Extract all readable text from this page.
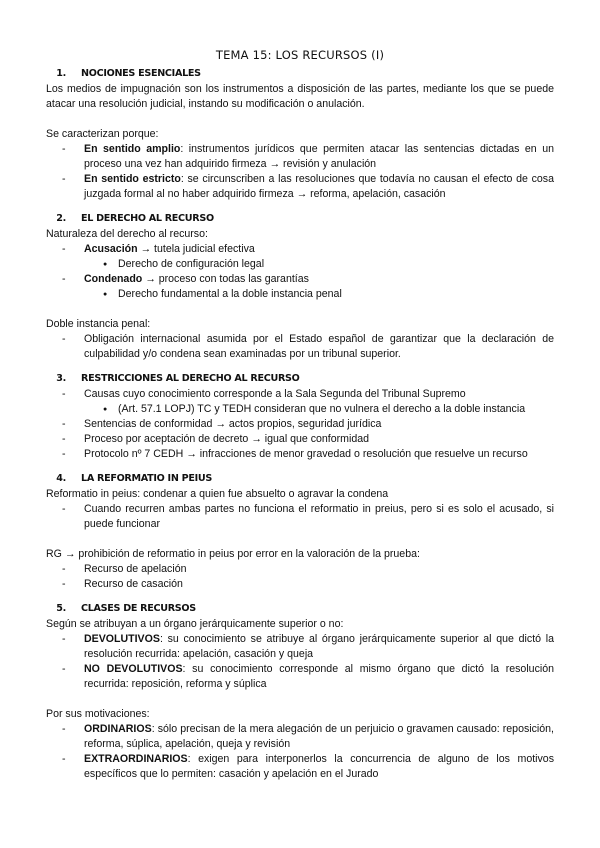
TEMA 15: LOS RECURSOS (I)
1. NOCIONES ESENCIALES

Los medios de impugnación son los instrumentos a disposición de las partes, mediante los que se puede atacar una resolución judicial, instando su modificación o anulación.

Se caracterizan porque:

- En sentido amplio: instrumentos jurídicos que permiten atacar las sentencias dictadas en un proceso una vez han adquirido firmeza → revisión y anulación
- En sentido estricto: se circunscriben a las resoluciones que todavía no causan el efecto de cosa juzgada formal al no haber adquirido firmeza → reforma, apelación, casación
2. EL DERECHO AL RECURSO

Naturaleza del derecho al recurso:

- Acusación → tutela judicial efectiva
● Derecho de configuración legal
- Condenado → proceso con todas las garantías
● Derecho fundamental a la doble instancia penal

Doble instancia penal:

- Obligación internacional asumida por el Estado español de garantizar que la declaración de culpabilidad y/o condena sean examinadas por un tribunal superior.
3. RESTRICCIONES AL DERECHO AL RECURSO
- Causas cuyo conocimiento corresponde a la Sala Segunda del Tribunal Supremo
● (Art. 57.1 LOPJ) TC y TEDH consideran que no vulnera el derecho a la doble instancia
- Sentencias de conformidad → actos propios, seguridad jurídica
- Proceso por aceptación de decreto → igual que conformidad
- Protocolo nº 7 CEDH → infracciones de menor gravedad o resolución que resuelve un recurso
4. LA REFORMATIO IN PEIUS

Reformatio in peius: condenar a quien fue absuelto o agravar la condena

- Cuando recurren ambas partes no funciona el reformatio in preius, pero si es solo el acusado, si puede funcionar

RG → prohibición de reformatio in peius por error en la valoración de la prueba:

- Recurso de apelación
- Recurso de casación
5. CLASES DE RECURSOS

Según se atribuyan a un órgano jerárquicamente superior o no:

- DEVOLUTIVOS: su conocimiento se atribuye al órgano jerárquicamente superior al que dictó la resolución recurrida: apelación, casación y queja
- NO DEVOLUTIVOS: su conocimiento corresponde al mismo órgano que dictó la resolución recurrida: reposición, reforma y súplica

Por sus motivaciones:

- ORDINARIOS: sólo precisan de la mera alegación de un perjuicio o gravamen causado: reposición, reforma, súplica, apelación, queja y revisión
- EXTRAORDINARIOS: exigen para interponerlos la concurrencia de alguno de los motivos específicos que lo permiten: casación y apelación en el Jurado
